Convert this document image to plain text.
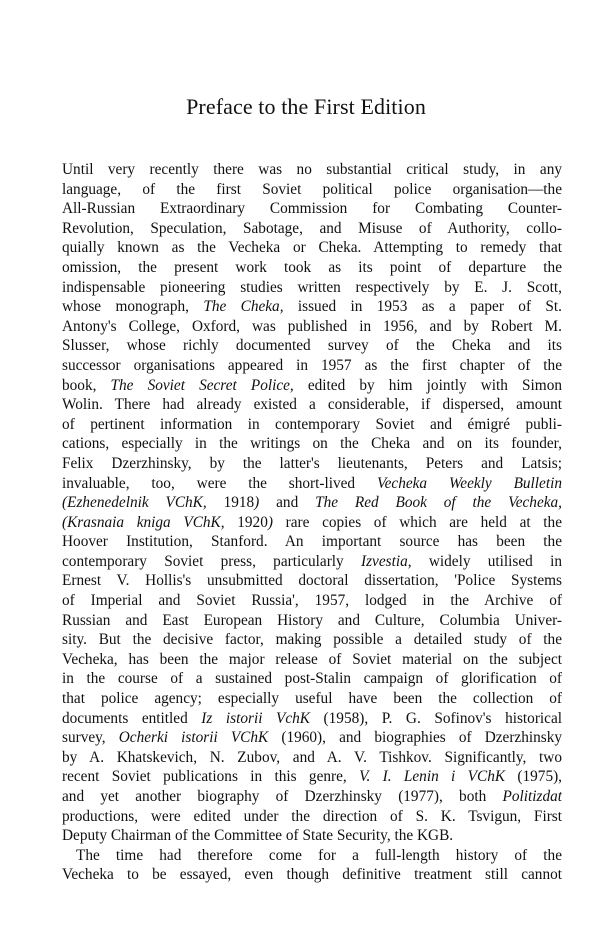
Preface to the First Edition
Until very recently there was no substantial critical study, in any
language, of the first Soviet political police organisation—the
All-Russian Extraordinary Commission for Combating Counter-
Revolution, Speculation, Sabotage, and Misuse of Authority, collo-
quially known as the Vecheka or Cheka. Attempting to remedy that
omission, the present work took as its point of departure the
indispensable pioneering studies written respectively by E. J. Scott,
whose monograph, The Cheka, issued in 1953 as a paper of St.
Antony's College, Oxford, was published in 1956, and by Robert M.
Slusser, whose richly documented survey of the Cheka and its
successor organisations appeared in 1957 as the first chapter of the
book, The Soviet Secret Police, edited by him jointly with Simon
Wolin. There had already existed a considerable, if dispersed, amount
of pertinent information in contemporary Soviet and émigré publi-
cations, especially in the writings on the Cheka and on its founder,
Felix Dzerzhinsky, by the latter's lieutenants, Peters and Latsis;
invaluable, too, were the short-lived Vecheka Weekly Bulletin
(Ezhenedelnik VChK, 1918) and The Red Book of the Vecheka,
(Krasnaia kniga VChK, 1920) rare copies of which are held at the
Hoover Institution, Stanford. An important source has been the
contemporary Soviet press, particularly Izvestia, widely utilised in
Ernest V. Hollis's unsubmitted doctoral dissertation, 'Police Systems
of Imperial and Soviet Russia', 1957, lodged in the Archive of
Russian and East European History and Culture, Columbia Univer-
sity. But the decisive factor, making possible a detailed study of the
Vecheka, has been the major release of Soviet material on the subject
in the course of a sustained post-Stalin campaign of glorification of
that police agency; especially useful have been the collection of
documents entitled Iz istorii VchK (1958), P. G. Sofinov's historical
survey, Ocherki istorii VChK (1960), and biographies of Dzerzhinsky
by A. Khatskevich, N. Zubov, and A. V. Tishkov. Significantly, two
recent Soviet publications in this genre, V. I. Lenin i VChK (1975),
and yet another biography of Dzerzhinsky (1977), both Politizdat
productions, were edited under the direction of S. K. Tsvigun, First
Deputy Chairman of the Committee of State Security, the KGB.
The time had therefore come for a full-length history of the
Vecheka to be essayed, even though definitive treatment still cannot
